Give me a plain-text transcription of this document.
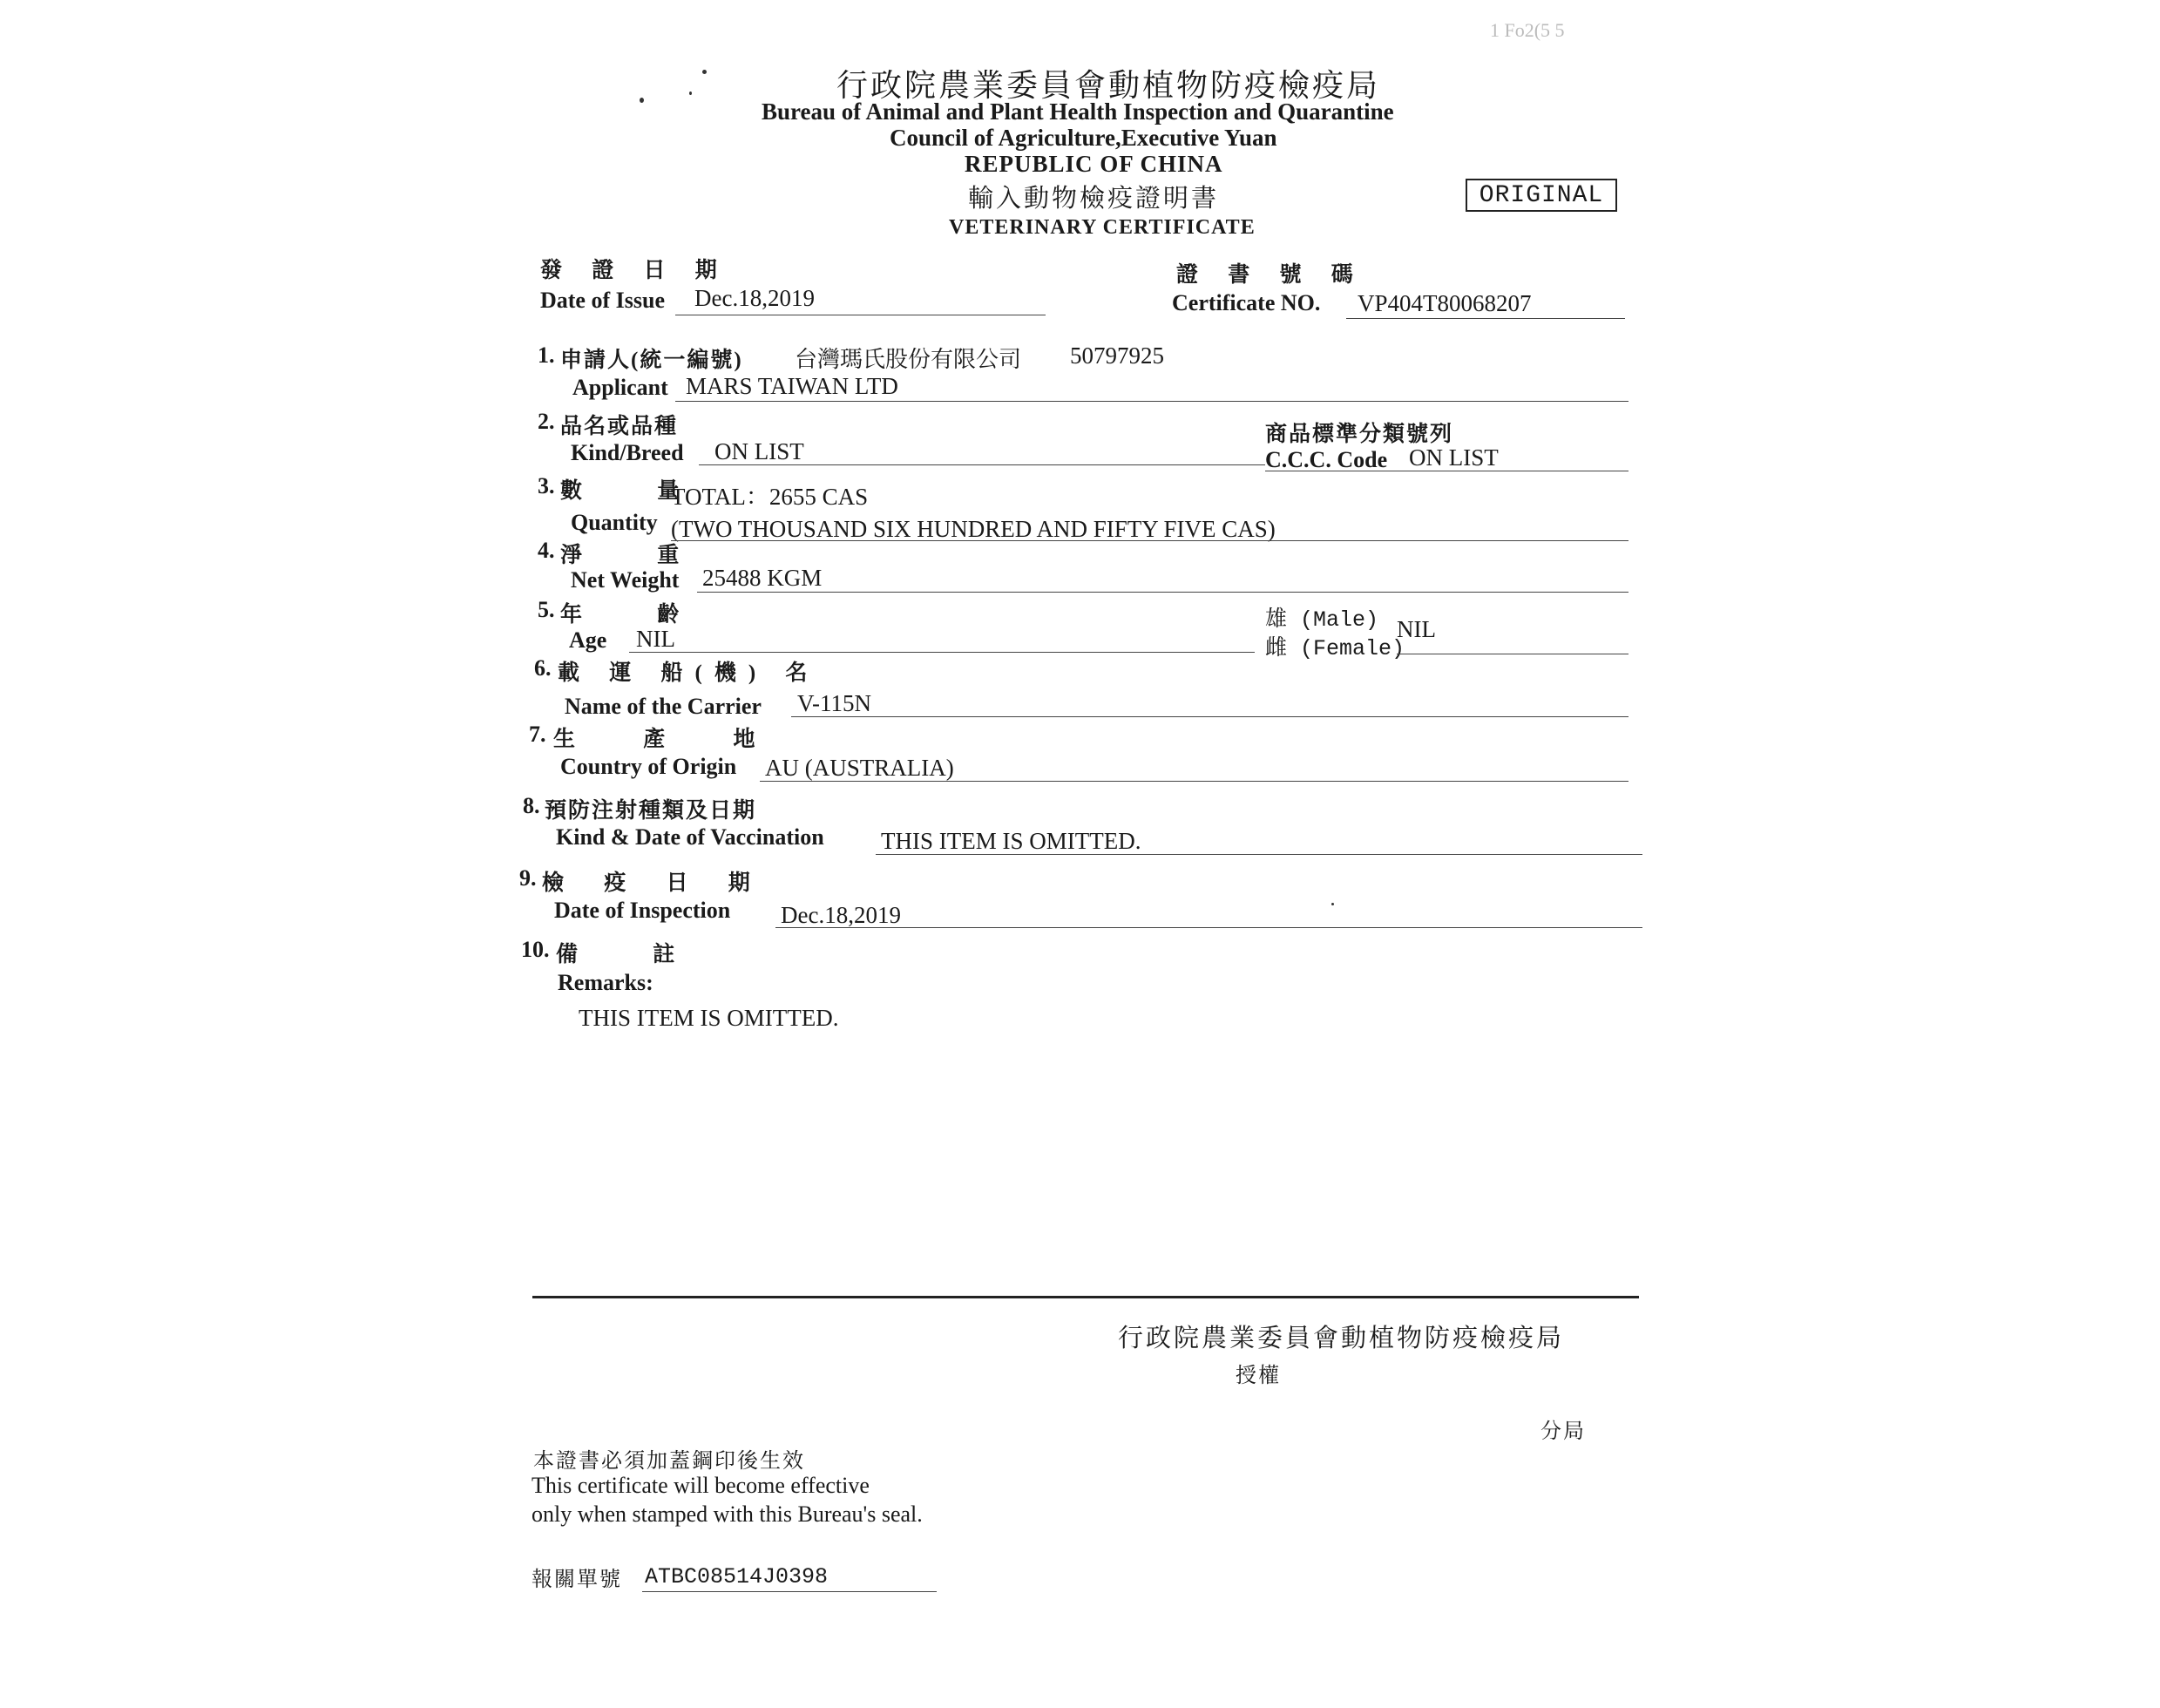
1 Fo2(5 5
行政院農業委員會動植物防疫檢疫局
Bureau of Animal and Plant Health Inspection and Quarantine
Council of Agriculture,Executive Yuan
REPUBLIC OF CHINA
輸入動物檢疫證明書
VETERINARY CERTIFICATE
ORIGINAL
發 證 日 期
Date of Issue Dec.18,2019
證 書 號 碼
Certificate NO. VP404T80068207
1. 申請人(統一編號) 台灣瑪氏股份有限公司 50797925
Applicant MARS TAIWAN LTD
2. 品名或品種
Kind/Breed ON LIST
商品標準分類號列
C.C.C. Code ON LIST
3. 數 量
TOTAL：2655 CAS
Quantity (TWO THOUSAND SIX HUNDRED AND FIFTY FIVE CAS)
4. 淨 重
Net Weight 25488 KGM
5. 年 齡
Age NIL
雄 (Male)
雌 (Female)
NIL
6. 載 運 船(機) 名
Name of the Carrier V-115N
7. 生 產 地
Country of Origin AU (AUSTRALIA)
8. 預防注射種類及日期
Kind & Date of Vaccination THIS ITEM IS OMITTED.
9. 檢 疫 日 期
Date of Inspection Dec.18,2019
10. 備 註
Remarks:
THIS ITEM IS OMITTED.
行政院農業委員會動植物防疫檢疫局
授權
分局
本證書必須加蓋鋼印後生效
This certificate will become effective
only when stamped with this Bureau's seal.
報關單號 ATBC08514J0398
